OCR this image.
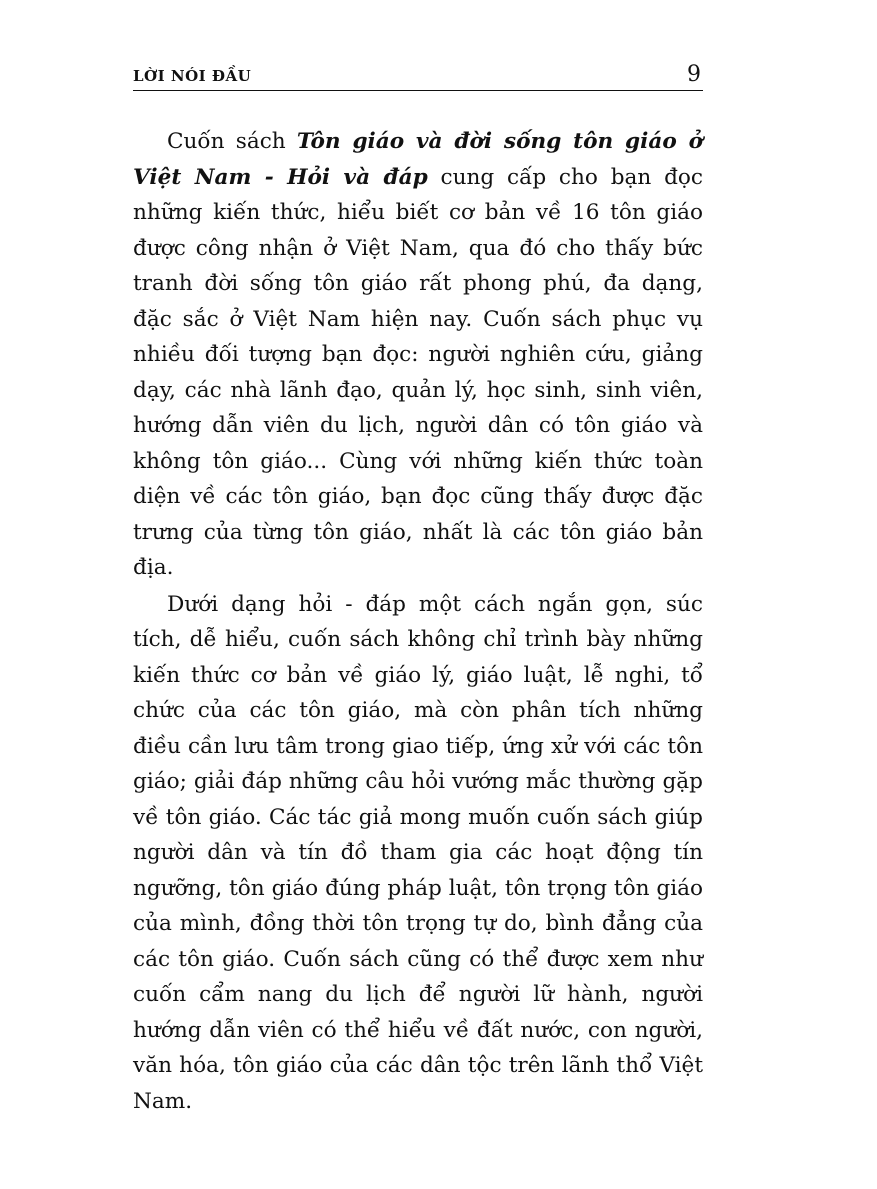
LỜI NÓI ĐẦU	9

Cuốn sách Tôn giáo và đời sống tôn giáo ở Việt Nam - Hỏi và đáp cung cấp cho bạn đọc những kiến thức, hiểu biết cơ bản về 16 tôn giáo được công nhận ở Việt Nam, qua đó cho thấy bức tranh đời sống tôn giáo rất phong phú, đa dạng, đặc sắc ở Việt Nam hiện nay. Cuốn sách phục vụ nhiều đối tượng bạn đọc: người nghiên cứu, giảng dạy, các nhà lãnh đạo, quản lý, học sinh, sinh viên, hướng dẫn viên du lịch, người dân có tôn giáo và không tôn giáo... Cùng với những kiến thức toàn diện về các tôn giáo, bạn đọc cũng thấy được đặc trưng của từng tôn giáo, nhất là các tôn giáo bản địa.

Dưới dạng hỏi - đáp một cách ngắn gọn, súc tích, dễ hiểu, cuốn sách không chỉ trình bày những kiến thức cơ bản về giáo lý, giáo luật, lễ nghi, tổ chức của các tôn giáo, mà còn phân tích những điều cần lưu tâm trong giao tiếp, ứng xử với các tôn giáo; giải đáp những câu hỏi vướng mắc thường gặp về tôn giáo. Các tác giả mong muốn cuốn sách giúp người dân và tín đồ tham gia các hoạt động tín ngưỡng, tôn giáo đúng pháp luật, tôn trọng tôn giáo của mình, đồng thời tôn trọng tự do, bình đẳng của các tôn giáo. Cuốn sách cũng có thể được xem như cuốn cẩm nang du lịch để người lữ hành, người hướng dẫn viên có thể hiểu về đất nước, con người, văn hóa, tôn giáo của các dân tộc trên lãnh thổ Việt Nam.
